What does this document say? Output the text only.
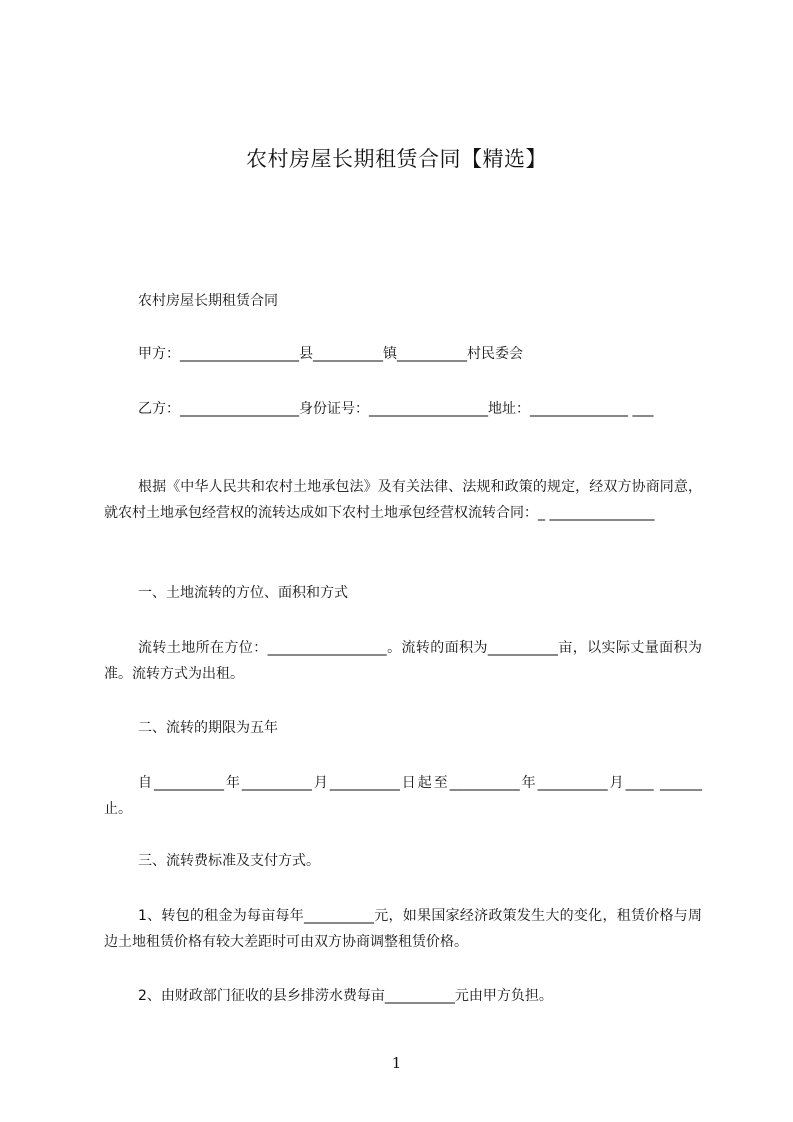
农村房屋长期租赁合同【精选】
农村房屋长期租赁合同
甲方：_________________县__________镇__________村民委会
乙方：_________________身份证号：_________________地址：______________ ___
根据《中华人民共和农村土地承包法》及有关法律、法规和政策的规定，经双方协商同意，就农村土地承包经营权的流转达成如下农村土地承包经营权流转合同：_ _______________
一、土地流转的方位、面积和方式
流转土地所在方位：_________________。流转的面积为__________亩，以实际丈量面积为准。流转方式为出租。
二、流转的期限为五年
自__________年__________月__________日起至__________年__________月____ ______止。
三、流转费标准及支付方式。
1、转包的租金为每亩每年__________元，如果国家经济政策发生大的变化，租赁价格与周边土地租赁价格有较大差距时可由双方协商调整租赁价格。
2、由财政部门征收的县乡排涝水费每亩__________元由甲方负担。
1
